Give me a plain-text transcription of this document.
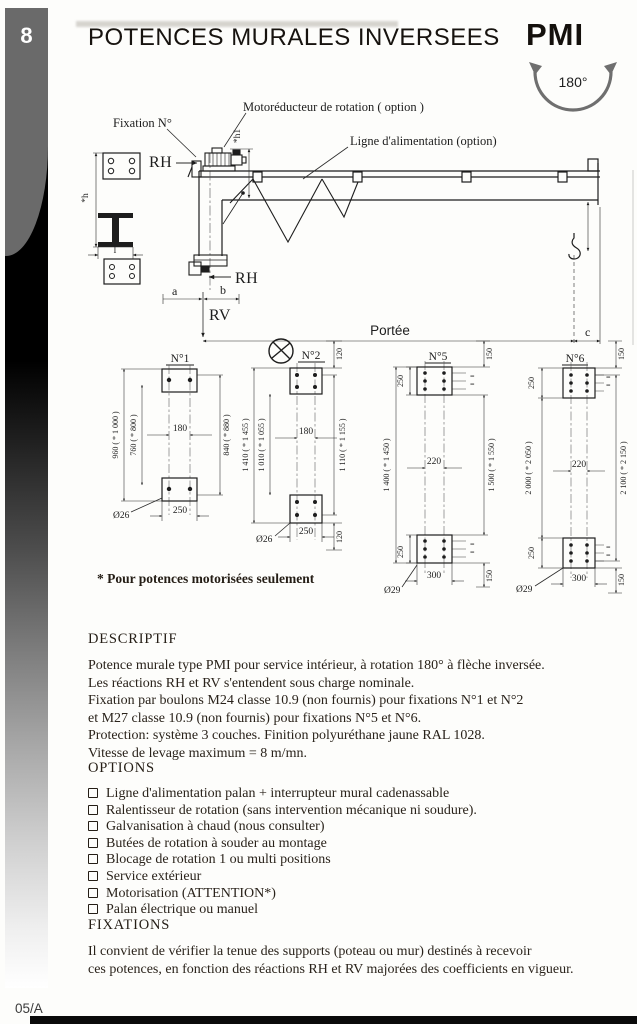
8	POTENCES MURALES INVERSEES PMI
180°
Fixation N°
Motoréducteur de rotation ( option )
Ligne d'alimentation (option)
RH
RH
RV
a	b
c
*h
*h1
l
Portée
N°1
960 ( * 1 000 ) 760 ( * 800 )	840 ( * 880 )
180
250
Ø26
N°2
1 410 ( * 1 455 ) 1 010 ( * 1 055 )	1 110 ( * 1 155 )
120
120
180
250
Ø26
N°5
250
1 400 ( * 1 450 )	1 500 ( * 1 550 )
150
150
250
220
300
=
=
=
=
Ø29
N°6
250
2 000 ( * 2 050 )
250
2 100 ( * 2 150 )
150
150
220
300
=
=
=
=
Ø29
* Pour potences motorisées seulement
DESCRIPTIF
Potence murale type PMI pour service intérieur, à rotation 180° à flèche inversée.
Les réactions RH et RV s'entendent sous charge nominale.
Fixation par boulons M24 classe 10.9 (non fournis) pour fixations N°1 et N°2
et M27 classe 10.9 (non fournis) pour fixations N°5 et N°6.
Protection: système 3 couches. Finition polyuréthane jaune RAL 1028.
Vitesse de levage maximum = 8 m/mn.
OPTIONS
Ligne d'alimentation palan + interrupteur mural cadenassable
Ralentisseur de rotation (sans intervention mécanique ni soudure).
Galvanisation à chaud (nous consulter)
Butées de rotation à souder au montage
Blocage de rotation 1 ou multi positions
Service extérieur
Motorisation (ATTENTION*)
Palan électrique ou manuel
FIXATIONS
Il convient de vérifier la tenue des supports (poteau ou mur) destinés à recevoir
ces potences, en fonction des réactions RH et RV majorées des coefficients en vigueur.
05/A
